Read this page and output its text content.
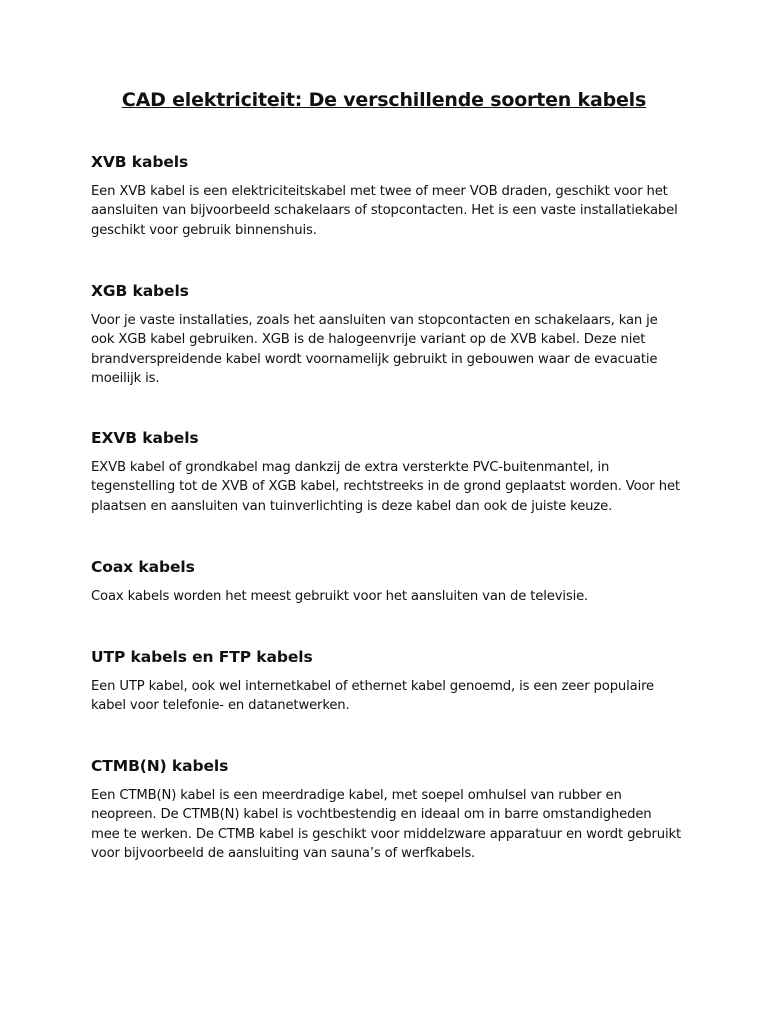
CAD elektriciteit: De verschillende soorten kabels
XVB kabels

Een XVB kabel is een elektriciteitskabel met twee of meer VOB draden, geschikt voor het aansluiten van bijvoorbeeld schakelaars of stopcontacten. Het is een vaste installatiekabel geschikt voor gebruik binnenshuis.

XGB kabels

Voor je vaste installaties, zoals het aansluiten van stopcontacten en schakelaars, kan je ook XGB kabel gebruiken. XGB is de halogeenvrije variant op de XVB kabel. Deze niet brandverspreidende kabel wordt voornamelijk gebruikt in gebouwen waar de evacuatie moeilijk is.

EXVB kabels

EXVB kabel of grondkabel mag dankzij de extra versterkte PVC-buitenmantel, in tegenstelling tot de XVB of XGB kabel, rechtstreeks in de grond geplaatst worden. Voor het plaatsen en aansluiten van tuinverlichting is deze kabel dan ook de juiste keuze.

Coax kabels

Coax kabels worden het meest gebruikt voor het aansluiten van de televisie.

UTP kabels en FTP kabels

Een UTP kabel, ook wel internetkabel of ethernet kabel genoemd, is een zeer populaire kabel voor telefonie- en datanetwerken.

CTMB(N) kabels

Een CTMB(N) kabel is een meerdradige kabel, met soepel omhulsel van rubber en neopreen. De CTMB(N) kabel is vochtbestendig en ideaal om in barre omstandigheden mee te werken. De CTMB kabel is geschikt voor middelzware apparatuur en wordt gebruikt voor bijvoorbeeld de aansluiting van sauna’s of werfkabels.
